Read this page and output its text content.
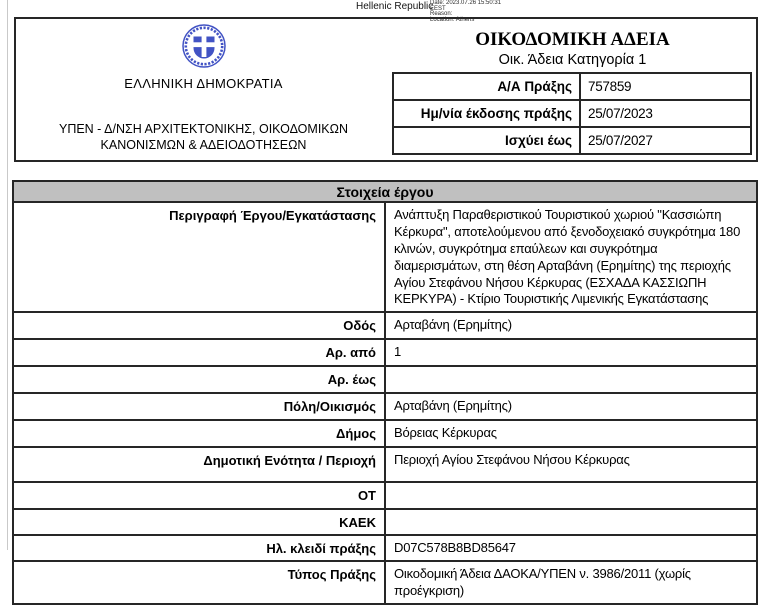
Hellenic Republic
Date: 2023.07.26 15:50:31
EEST
Reason:
Location: Athens
ΕΛΛΗΝΙΚΗ ΔΗΜΟΚΡΑΤΙΑ
ΥΠΕΝ - Δ/ΝΣΗ ΑΡΧΙΤΕΚΤΟΝΙΚΗΣ, ΟΙΚΟΔΟΜΙΚΩΝ
ΚΑΝΟΝΙΣΜΩΝ & ΑΔΕΙΟΔΟΤΗΣΕΩΝ
ΟΙΚΟΔΟΜΙΚΗ ΑΔΕΙΑ
Οικ. Άδεια Κατηγορία 1
Α/Α Πράξης	757859
Ημ/νία έκδοσης πράξης	25/07/2023
Ισχύει έως	25/07/2027
Στοιχεία έργου	
Περιγραφή Έργου/Εγκατάστασης	Ανάπτυξη Παραθεριστικού Τουριστικού χωριού "Κασσιώπη Κέρκυρα", αποτελούμενου από ξενοδοχειακό συγκρότημα 180 κλινών, συγκρότημα επαύλεων και συγκρότημα διαμερισμάτων, στη θέση Αρταβάνη (Ερημίτης) της περιοχής Αγίου Στεφάνου Νήσου Κέρκυρας (ΕΣΧΑΔΑ ΚΑΣΣΙΩΠΗ ΚΕΡΚΥΡΑ) - Κτίριο Τουριστικής Λιμενικής Εγκατάστασης
Οδός	Αρταβάνη (Ερημίτης)
Αρ. από	1
Αρ. έως	
Πόλη/Οικισμός	Αρταβάνη (Ερημίτης)
Δήμος	Βόρειας Κέρκυρας
Δημοτική Ενότητα / Περιοχή	Περιοχή Αγίου Στεφάνου Νήσου Κέρκυρας
ΟΤ	
ΚΑΕΚ	
Ηλ. κλειδί πράξης	D07C578B8BD85647
Τύπος Πράξης	Οικοδομική Άδεια ΔΑΟΚΑ/ΥΠΕΝ ν. 3986/2011 (χωρίς προέγκριση)
